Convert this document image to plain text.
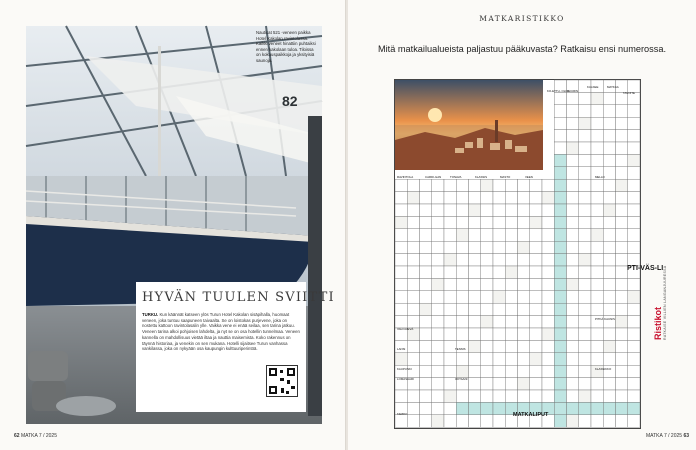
82
Nauticat 521 -veneen paikka Hotel Kakolan ravintolassa. Kaikki veneet hinattiin puhtaiksi ennen kakolaan tuloa. Tiloissa on kokouspaikkoja ja yksityisiä saunoja.
HYVÄN TUULEN SVIITTI
TURKU. Kun käännät katseen ylös Turun Hotel Kakolan sisäpihalla, huomaat veneen, joka tuntuu saapuneen taivaalta. Se on loistokas purjevene, joka on nostettu kattoon ravintolasalin ylle. Vaikka vene ei enää seilaa, sen tarina jatkuu. Veneen tarina alkoi pohjoisen lahdelta, ja nyt se on osa hotellin tunnelmaa. Veneen kannella on mahdollisuus vietää iltaa ja nauttia maisemista. Koko rakennus on täynnä historiaa, ja venekin on sen mukana. Hotelli sijaitsee Turun vanhassa vankilassa, joka on nykyään osa kaupungin kulttuuriperintöä.
62 MATKA 7 / 2025
MATKARISTIKKO
Mitä matkailualueista paljastuu pääkuvasta? Ratkaisu ensi numerossa.
KO-ETTU- OLOA
SUURIN
KULKEE	MATKAA
TAVOITE
RAVINTOLA	CARDI-GAN	TONAVA	KLASSIS	MASTO	VEEN	MELLO
VALO-REVÄ
LANSI
KAUPUNKI
LOMASAARI
TENNIS
OKTAANI
PITKÄ KAUNIS
KLASSIKKO
TAPPIO	MATKALIPUT
PTI-VÄS-LI
Ristikot RATKAISE VILLIEN LANGANJUURESSA
MATKA 7 / 2025 63
